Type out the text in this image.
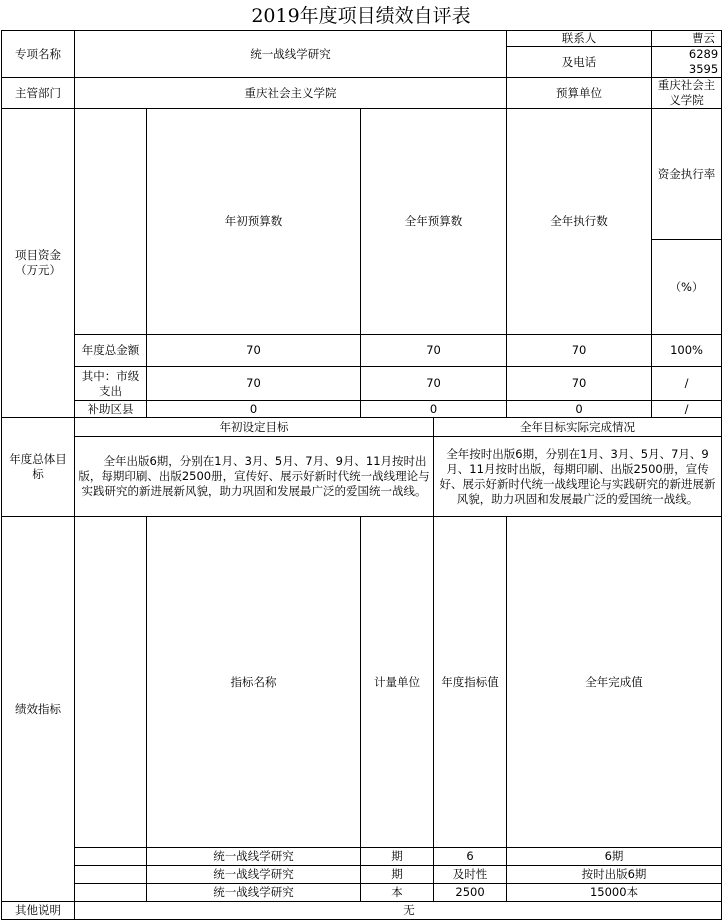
2019年度项目绩效自评表
专项名称	统一战线学研究				联系人	曹云	
					及电话	62893595	
主管部门	重庆社会主义学院				预算单位	重庆社会主义学院	
项目资金（万元）		年初预算数	全年预算数		全年执行数	资金执行率	
						（%）	
	年度总金额	70	70		70	100%	
	其中：市级支出	70	70		70	/	
	补助区县	0	0		0	/	
年度总体目标	年初设定目标			全年目标实际完成情况			
	全年出版6期，分别在1月、3月、5月、7月、9月、11月按时出版，每期印刷、出版2500册，宣传好、展示好新时代统一战线理论与实践研究的新进展新风貌，助力巩固和发展最广泛的爱国统一战线。			全年按时出版6期，分别在1月、3月、5月、7月、9月、11月按时出版，每期印刷、出版2500册，宣传好、展示好新时代统一战线理论与实践研究的新进展新风貌，助力巩固和发展最广泛的爱国统一战线。			
绩效指标		指标名称	计量单位	年度指标值	全年完成值	
		统一战线学研究	期	6	6期	
		统一战线学研究	期	及时性	按时出版6期	
		统一战线学研究	本	2500	15000本	
其他说明	无						
